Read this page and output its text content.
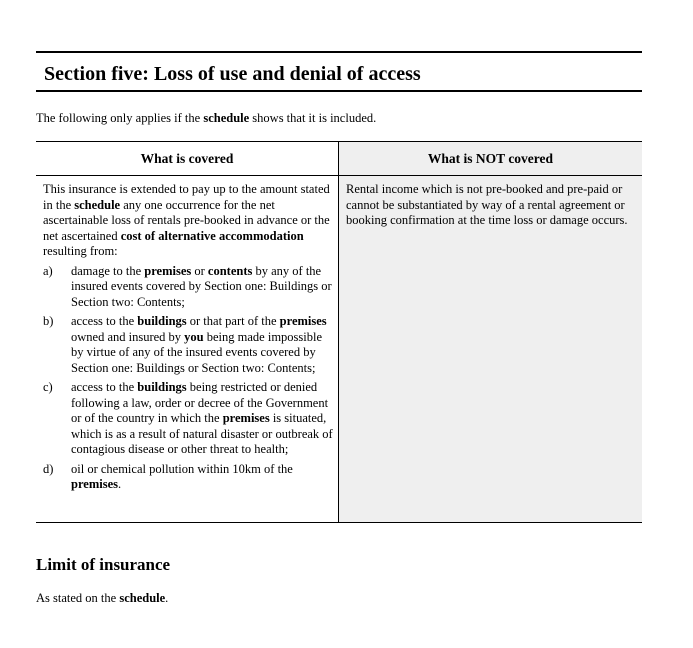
Section five: Loss of use and denial of access

The following only applies if the schedule shows that it is included.

What is covered

This insurance is extended to pay up to the amount stated in the schedule any one occurrence for the net ascertainable loss of rentals pre-booked in advance or the net ascertained cost of alternative accommodation resulting from:

a) damage to the premises or contents by any of the insured events covered by Section one: Buildings or Section two: Contents;
b) access to the buildings or that part of the premises owned and insured by you being made impossible by virtue of any of the insured events covered by Section one: Buildings or Section two: Contents;
c) access to the buildings being restricted or denied following a law, order or decree of the Government or of the country in which the premises is situated, which is as a result of natural disaster or outbreak of contagious disease or other threat to health;
d) oil or chemical pollution within 10km of the premises.
What is NOT covered

Rental income which is not pre-booked and pre-paid or cannot be substantiated by way of a rental agreement or booking confirmation at the time loss or damage occurs.

Limit of insurance

As stated on the schedule.
